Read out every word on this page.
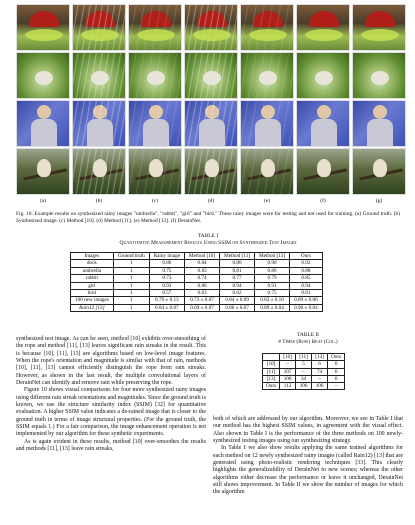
(a)	(b)	(c)	(d)	(e)	(f)	(g)
Fig. 10. Example results on synthesized rainy images "umbrella", "rabbit", "girl" and "bird." These rainy images were for testing and not used for training. (a) Ground truth. (b) Synthesized image. (c) Method [10]. (d) Method [11]. (e) Method [13]. (f) DerainNet.
TABLE I
Quantitative Measurement Results Using SSIM on Synthesized Test Images
Images	Ground truth	Rainy image	Method [10]	Method [11]	Method [13]	Ours
dock	1	0.86	0.84	0.88	0.90	0.92
umbrella	1	0.75	0.83	0.81	0.86	0.88
rabbit	1	0.73	0.74	0.77	0.79	0.85
girl	1	0.93	0.80	0.94	0.91	0.94
bird	1	0.57	0.63	0.62	0.75	0.81
100 new images	1	0.79 ± 0.13	0.73 ± 0.07	0.84 ± 0.09	0.82 ± 0.10	0.89 ± 0.06
Rain12 [13]	1	0.84 ± 0.07	0.69 ± 0.07	0.80 ± 0.07	0.89 ± 0.04	0.90 ± 0.04

synthesized test image. As can be seen, method [10] exhibits over-smoothing of the rope and method [11], [13] leaves significant rain streaks in the result. This is because [10], [11], [13] are algorithms based on low-level image features. When the rope's orientation and magnitude is similar with that of rain, methods [10], [11], [13] cannot efficiently distinguish the rope from rain streaks. However, as shown in the last result, the multiple convolutional layers of DerainNet can identify and remove rain while preserving the rope.

Figure 10 shows visual comparisons for four more synthesized rainy images using different rain streak orientations and magnitudes. Since the ground truth is known, we use the structure similarity index (SSIM) [32] for quantitative evaluation. A higher SSIM value indicates a de-rained image that is closer to the ground truth in terms of image structural properties. (For the ground truth, the SSIM equals 1.) For a fair comparison, the image enhancement operation is not implemented by our algorithm for these synthetic experiments.

As is again evident in these results, method [10] over-smoothes the results and methods [11], [13] leave rain streaks,

TABLE II
# Times (Row) Beat (Col.)
	[10]	[11]	[13]	Ours
[10]	–	5	6	0
[11]	107	–	74	6
[13]	108	34	–	6
Ours	112	106	106	–

both of which are addressed by our algorithm. Moreover, we see in Table I that our method has the highest SSIM values, in agreement with the visual effect. Also shown in Table I is the performance of the three methods on 100 newly-synthesized testing images using our synthesizing strategy.

In Table I we also show results applying the same trained algorithms for each method on 12 newly synthesized rainy images (called Rain12) [13] that are generated using photo-realistic rendering techniques [33]. This clearly highlights the generalizability of DerainNet to new scenes; whereas the other algorithms either decrease the performance or leave it unchanged, DerainNet still shows improvement. In Table II we show the number of images for which the algorithm
